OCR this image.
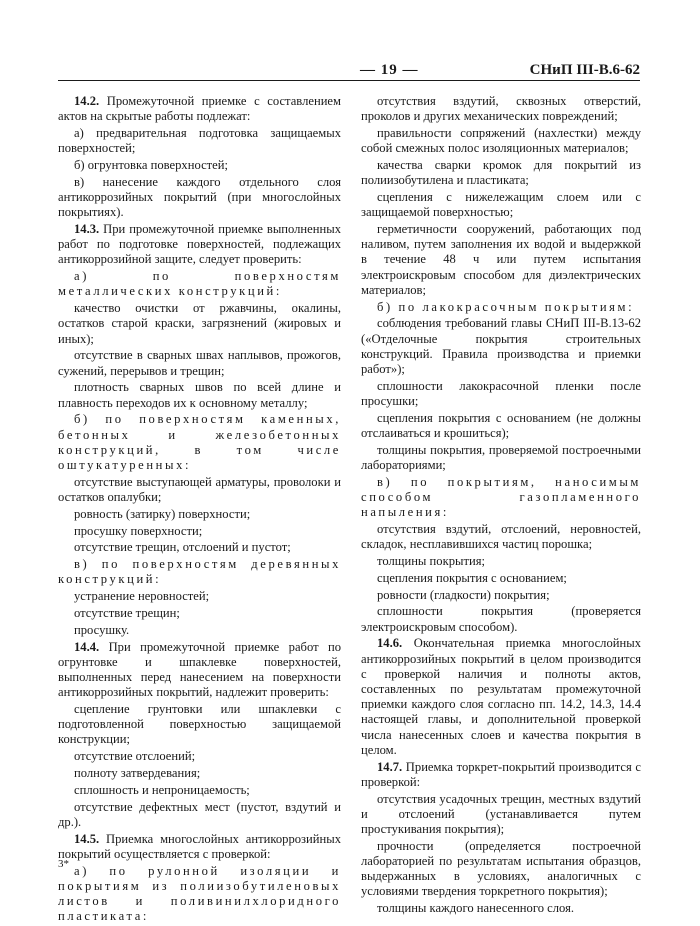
— 19 —	СНиП III-В.6-62

14.2. Промежуточной приемке с составлением актов на скрытые работы подлежат:

а) предварительная подготовка защищаемых поверхностей;

б) огрунтовка поверхностей;

в) нанесение каждого отдельного слоя антикоррозийных покрытий (при многослойных покрытиях).

14.3. При промежуточной приемке выполненных работ по подготовке поверхностей, подлежащих антикоррозийной защите, следует проверить:

а) по поверхностям металлических конструкций:

качество очистки от ржавчины, окалины, остатков старой краски, загрязнений (жировых и иных);

отсутствие в сварных швах наплывов, прожогов, сужений, перерывов и трещин;

плотность сварных швов по всей длине и плавность переходов их к основному металлу;

б) по поверхностям каменных, бетонных и железобетонных конструкций, в том числе оштукатуренных:

отсутствие выступающей арматуры, проволоки и остатков опалубки;

ровность (затирку) поверхности;

просушку поверхности;

отсутствие трещин, отслоений и пустот;

в) по поверхностям деревянных конструкций:

устранение неровностей;

отсутствие трещин;

просушку.

14.4. При промежуточной приемке работ по огрунтовке и шпаклевке поверхностей, выполненных перед нанесением на поверхности антикоррозийных покрытий, надлежит проверить:

сцепление грунтовки или шпаклевки с подготовленной поверхностью защищаемой конструкции;

отсутствие отслоений;

полноту затвердевания;

сплошность и непроницаемость;

отсутствие дефектных мест (пустот, вздутий и др.).

14.5. Приемка многослойных антикоррозийных покрытий осуществляется с проверкой:

а) по рулонной изоляции и покрытиям из полиизобутиленовых листов и поливинилхлоридного пластиката:

отсутствия вздутий, сквозных отверстий, проколов и других механических повреждений;

правильности сопряжений (нахлестки) между собой смежных полос изоляционных материалов;

качества сварки кромок для покрытий из полиизобутилена и пластиката;

сцепления с нижележащим слоем или с защищаемой поверхностью;

герметичности сооружений, работающих под наливом, путем заполнения их водой и выдержкой в течение 48 ч или путем испытания электроискровым способом для диэлектрических материалов;

б) по лакокрасочным покрытиям:

соблюдения требований главы СНиП III-В.13-62 («Отделочные покрытия строительных конструкций. Правила производства и приемки работ»);

сплошности лакокрасочной пленки после просушки;

сцепления покрытия с основанием (не должны отслаиваться и крошиться);

толщины покрытия, проверяемой построечными лабораториями;

в) по покрытиям, наносимым способом газопламенного напыления:

отсутствия вздутий, отслоений, неровностей, складок, несплавившихся частиц порошка;

толщины покрытия;

сцепления покрытия с основанием;

ровности (гладкости) покрытия;

сплошности покрытия (проверяется электроискровым способом).

14.6. Окончательная приемка многослойных антикоррозийных покрытий в целом производится с проверкой наличия и полноты актов, составленных по результатам промежуточной приемки каждого слоя согласно пп. 14.2, 14.3, 14.4 настоящей главы, и дополнительной проверкой числа нанесенных слоев и качества покрытия в целом.

14.7. Приемка торкрет-покрытий производится с проверкой:

отсутствия усадочных трещин, местных вздутий и отслоений (устанавливается путем простукивания покрытия);

прочности (определяется построечной лабораторией по результатам испытания образцов, выдержанных в условиях, аналогичных с условиями твердения торкретного покрытия);

толщины каждого нанесенного слоя.

3*
